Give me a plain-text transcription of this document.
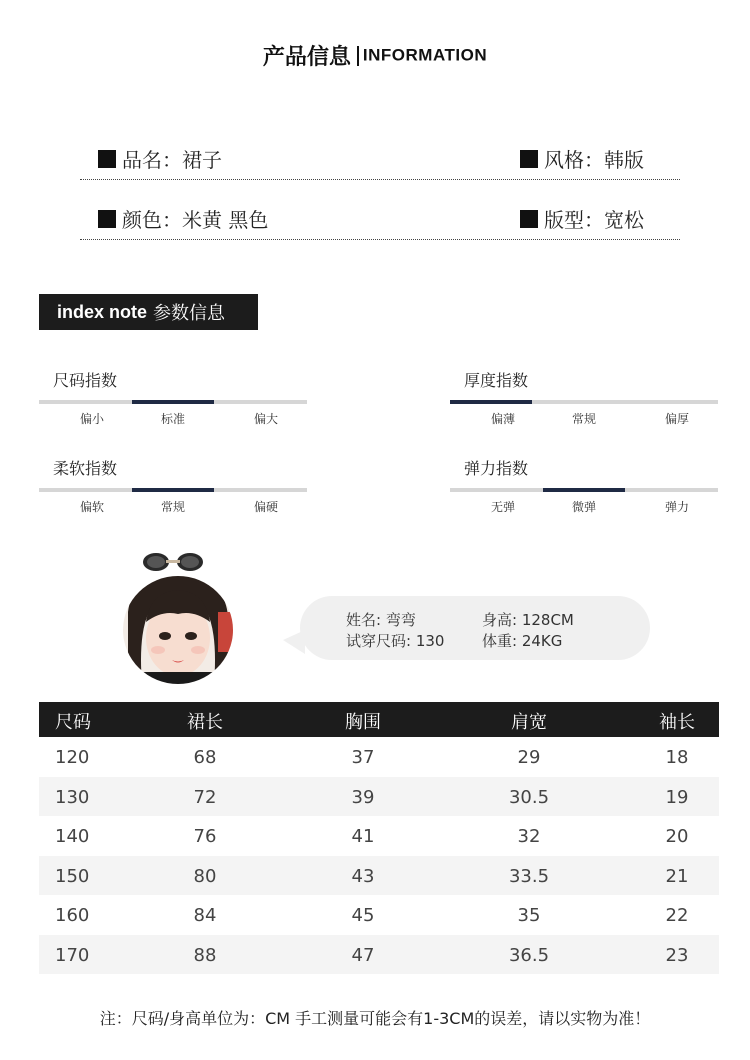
产品信息 INFORMATION
品名：裙子	风格：韩版
颜色：米黄 黑色	版型：宽松
index note 参数信息
尺码指数
偏小	标准	偏大
厚度指数
偏薄	常规	偏厚
柔软指数
偏软	常规	偏硬
弹力指数
无弹	微弹	弹力
姓名: 弯弯	身高: 128CM
试穿尺码: 130	体重: 24KG
尺码	裙长	胸围	肩宽	袖长
120	68	37	29	18
130	72	39	30.5	19
140	76	41	32	20
150	80	43	33.5	21
160	84	45	35	22
170	88	47	36.5	23
注：尺码/身高单位为：CM 手工测量可能会有1-3CM的误差，请以实物为准！
